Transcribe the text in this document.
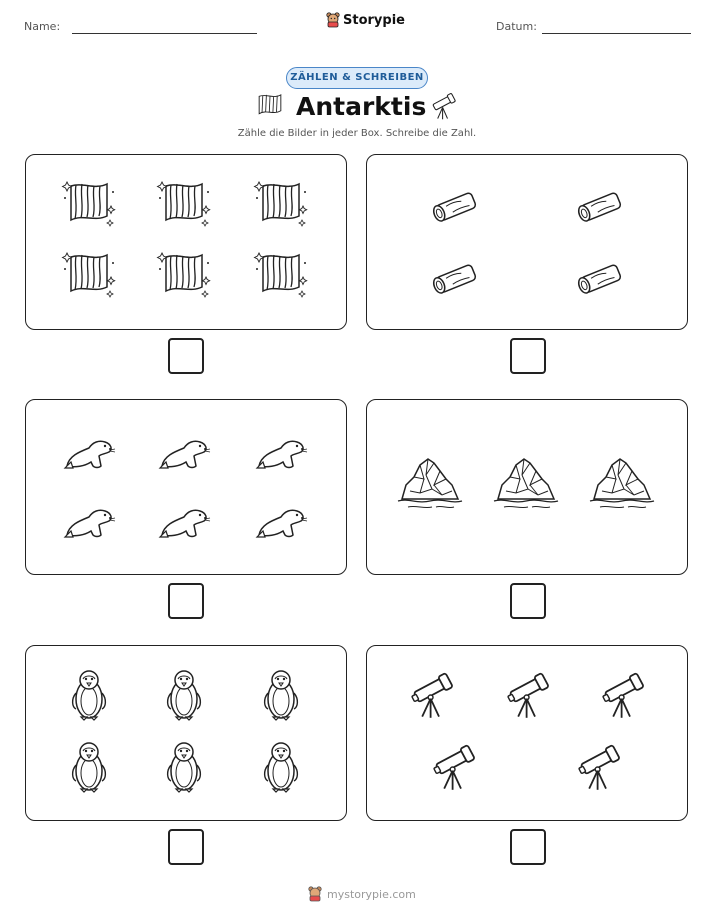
Name:	Storypie	Datum:
ZÄHLEN & SCHREIBEN
Antarktis
Zähle die Bilder in jeder Box. Schreibe die Zahl.
mystorypie.com
